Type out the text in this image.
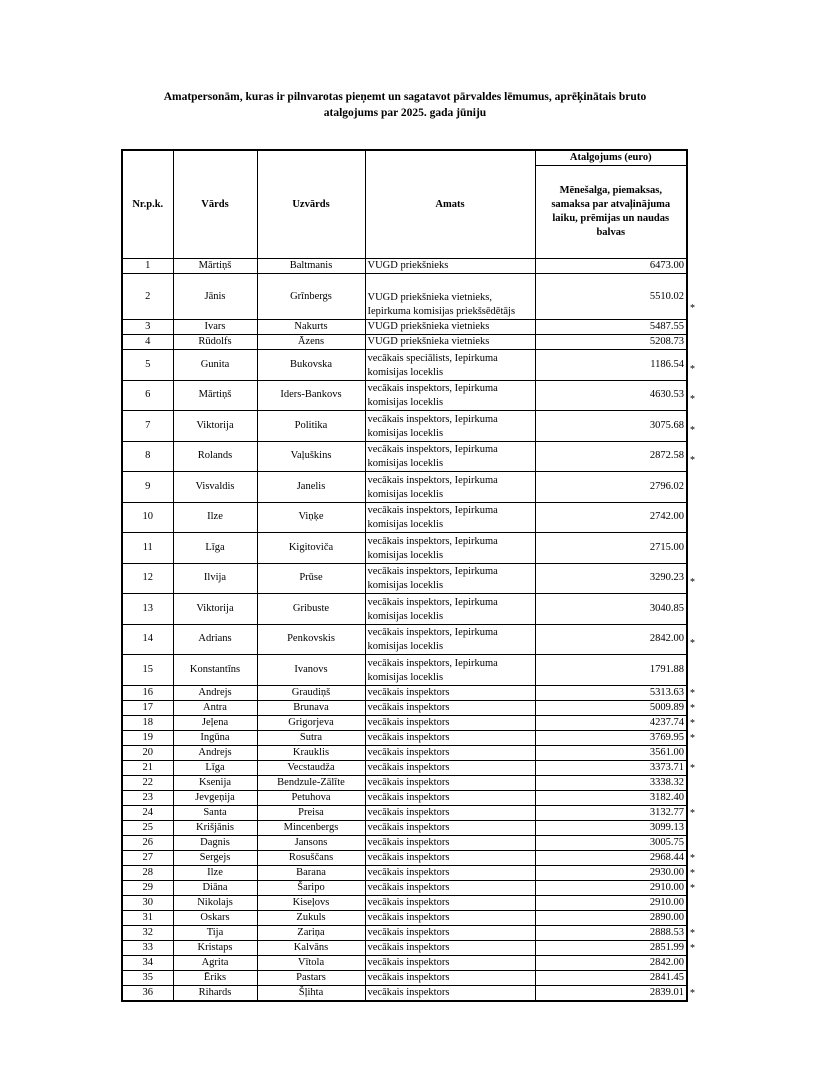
Amatpersonām, kuras ir pilnvarotas pieņemt un sagatavot pārvaldes lēmumus, aprēķinātais bruto
atalgojums par 2025. gada jūniju
Nr.p.k.	Vārds	Uzvārds	Amats	Atalgojums (euro)
				Mēnešalga, piemaksas, samaksa par atvaļinājuma laiku, prēmijas un naudas balvas
1	Mārtiņš	Baltmanis	VUGD priekšnieks	6473.00

2	Jānis	Grīnbergs	VUGD priekšnieka vietnieks, Iepirkuma komisijas priekšsēdētājs	5510.02
*

3	Ivars	Nakurts	VUGD priekšnieka vietnieks	5487.55

4	Rūdolfs	Āzens	VUGD priekšnieka vietnieks	5208.73

5	Gunita	Bukovska	vecākais speciālists, Iepirkuma komisijas loceklis	1186.54 *

6	Mārtiņš	Iders-Bankovs	vecākais inspektors, Iepirkuma komisijas loceklis	4630.53 *

7	Viktorija	Politika	vecākais inspektors, Iepirkuma komisijas loceklis	3075.68 *

8	Rolands	Vaļuškins	vecākais inspektors, Iepirkuma komisijas loceklis	2872.58 *

9	Visvaldis	Janelis	vecākais inspektors, Iepirkuma komisijas loceklis	2796.02

10	Ilze	Viņķe	vecākais inspektors, Iepirkuma komisijas loceklis	2742.00

11	Līga	Kigitoviča	vecākais inspektors, Iepirkuma komisijas loceklis	2715.00

12	Ilvija	Prūse	vecākais inspektors, Iepirkuma komisijas loceklis	3290.23 *

13	Viktorija	Gribuste	vecākais inspektors, Iepirkuma komisijas loceklis	3040.85

14	Adrians	Penkovskis	vecākais inspektors, Iepirkuma komisijas loceklis	2842.00 *

15	Konstantīns	Ivanovs	vecākais inspektors, Iepirkuma komisijas loceklis	1791.88

16	Andrejs	Graudiņš	vecākais inspektors	5313.63 *

17	Antra	Brunava	vecākais inspektors	5009.89 *

18	Jeļena	Grigorjeva	vecākais inspektors	4237.74 *

19	Ingūna	Sutra	vecākais inspektors	3769.95 *

20	Andrejs	Krauklis	vecākais inspektors	3561.00

21	Līga	Vecstaudža	vecākais inspektors	3373.71 *

22	Ksenija	Bendzule-Zālīte	vecākais inspektors	3338.32

23	Jevgeņija	Petuhova	vecākais inspektors	3182.40

24	Santa	Preisa	vecākais inspektors	3132.77 *

25	Krišjānis	Mincenbergs	vecākais inspektors	3099.13

26	Dagnis	Jansons	vecākais inspektors	3005.75

27	Sergejs	Rosuščans	vecākais inspektors	2968.44 *

28	Ilze	Barana	vecākais inspektors	2930.00 *

29	Diāna	Šaripo	vecākais inspektors	2910.00 *

30	Nikolajs	Kiseļovs	vecākais inspektors	2910.00

31	Oskars	Zukuls	vecākais inspektors	2890.00

32	Tija	Zariņa	vecākais inspektors	2888.53 *

33	Kristaps	Kalvāns	vecākais inspektors	2851.99 *

34	Agrita	Vītola	vecākais inspektors	2842.00

35	Ēriks	Pastars	vecākais inspektors	2841.45

36	Rihards	Šļihta	vecākais inspektors	2839.01 *
